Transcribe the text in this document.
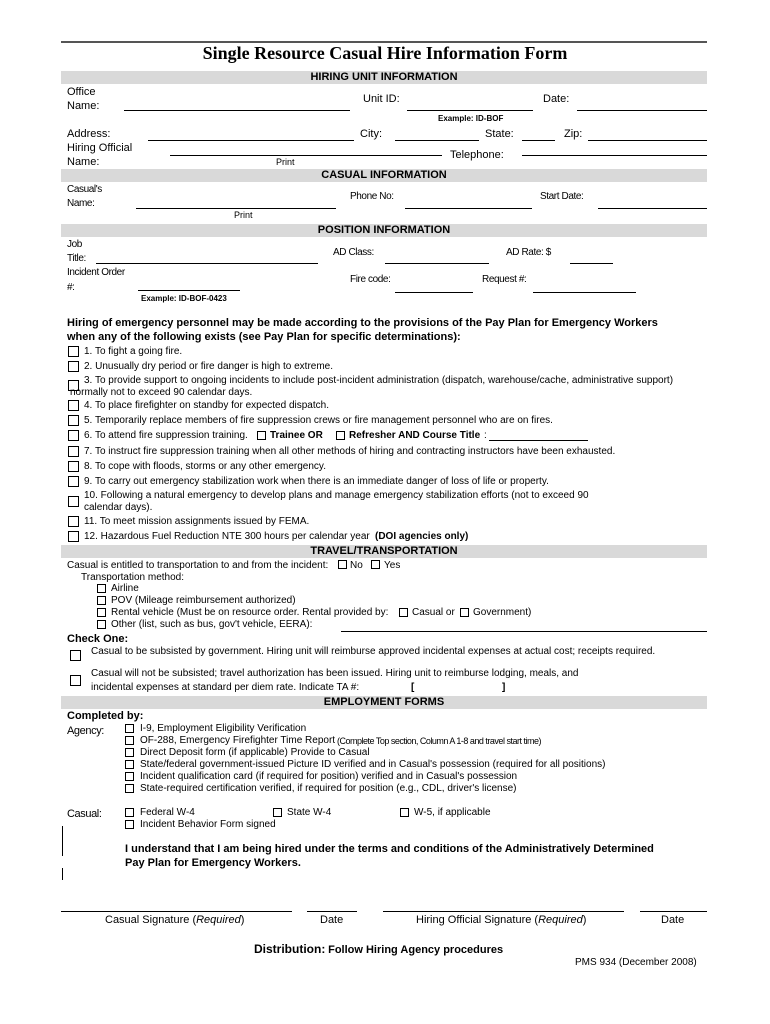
Single Resource Casual Hire Information Form
HIRING UNIT INFORMATION
Office
Name:
Unit ID:	Date:
Example: ID-BOF
Address:	City:	State:	Zip:
Hiring Official
Name:	Print
Telephone:
CASUAL INFORMATION
Casual's
Name:
Phone No:	Start Date:
Print
POSITION INFORMATION
Job
Title:
AD Class:	AD Rate: $
Incident Order
#:
Fire code:	Request #:
Example: ID-BOF-0423
Hiring of emergency personnel may be made according to the provisions of the Pay Plan for Emergency Workers
when any of the following exists (see Pay Plan for specific determinations):
1. To fight a going fire.
2. Unusually dry period or fire danger is high to extreme.
3. To provide support to ongoing incidents to include post-incident administration (dispatch, warehouse/cache, administrative support)
normally not to exceed 90 calendar days.
4. To place firefighter on standby for expected dispatch.
5. Temporarily replace members of fire suppression crews or fire management personnel who are on fires.
6. To attend fire suppression training. Trainee OR	Refresher AND Course Title :
7. To instruct fire suppression training when all other methods of hiring and contracting instructors have been exhausted.
8. To cope with floods, storms or any other emergency.
9. To carry out emergency stabilization work when there is an immediate danger of loss of life or property.
10. Following a natural emergency to develop plans and manage emergency stabilization efforts (not to exceed 90
calendar days).
11. To meet mission assignments issued by FEMA.
12. Hazardous Fuel Reduction NTE 300 hours per calendar year (DOI agencies only)
TRAVEL/TRANSPORTATION
Casual is entitled to transportation to and from the incident: No Yes
Transportation method:
Airline
POV (Mileage reimbursement authorized)
Rental vehicle (Must be on resource order. Rental provided by: Casual or Government)
Other (list, such as bus, gov't vehicle, EERA):
Check One:
Casual to be subsisted by government. Hiring unit will reimburse approved incidental expenses at actual cost; receipts required.
Casual will not be subsisted; travel authorization has been issued. Hiring unit to reimburse lodging, meals, and
incidental expenses at standard per diem rate. Indicate TA #:	[	]
EMPLOYMENT FORMS
Completed by:
Agency:	I-9, Employment Eligibility Verification
OF-288, Emergency Firefighter Time Report (Complete Top section, Column A 1-8 and travel start time)
Direct Deposit form (if applicable) Provide to Casual
State/federal government-issued Picture ID verified and in Casual's possession (required for all positions)
Incident qualification card (if required for position) verified and in Casual's possession
State-required certification verified, if required for position (e.g., CDL, driver's license)
Casual:	Federal W-4	State W-4	W-5, if applicable
Incident Behavior Form signed
I understand that I am being hired under the terms and conditions of the Administratively Determined
Pay Plan for Emergency Workers.
Casual Signature (Required)	Date	Hiring Official Signature (Required)	Date
Distribution: Follow Hiring Agency procedures
PMS 934 (December 2008)
